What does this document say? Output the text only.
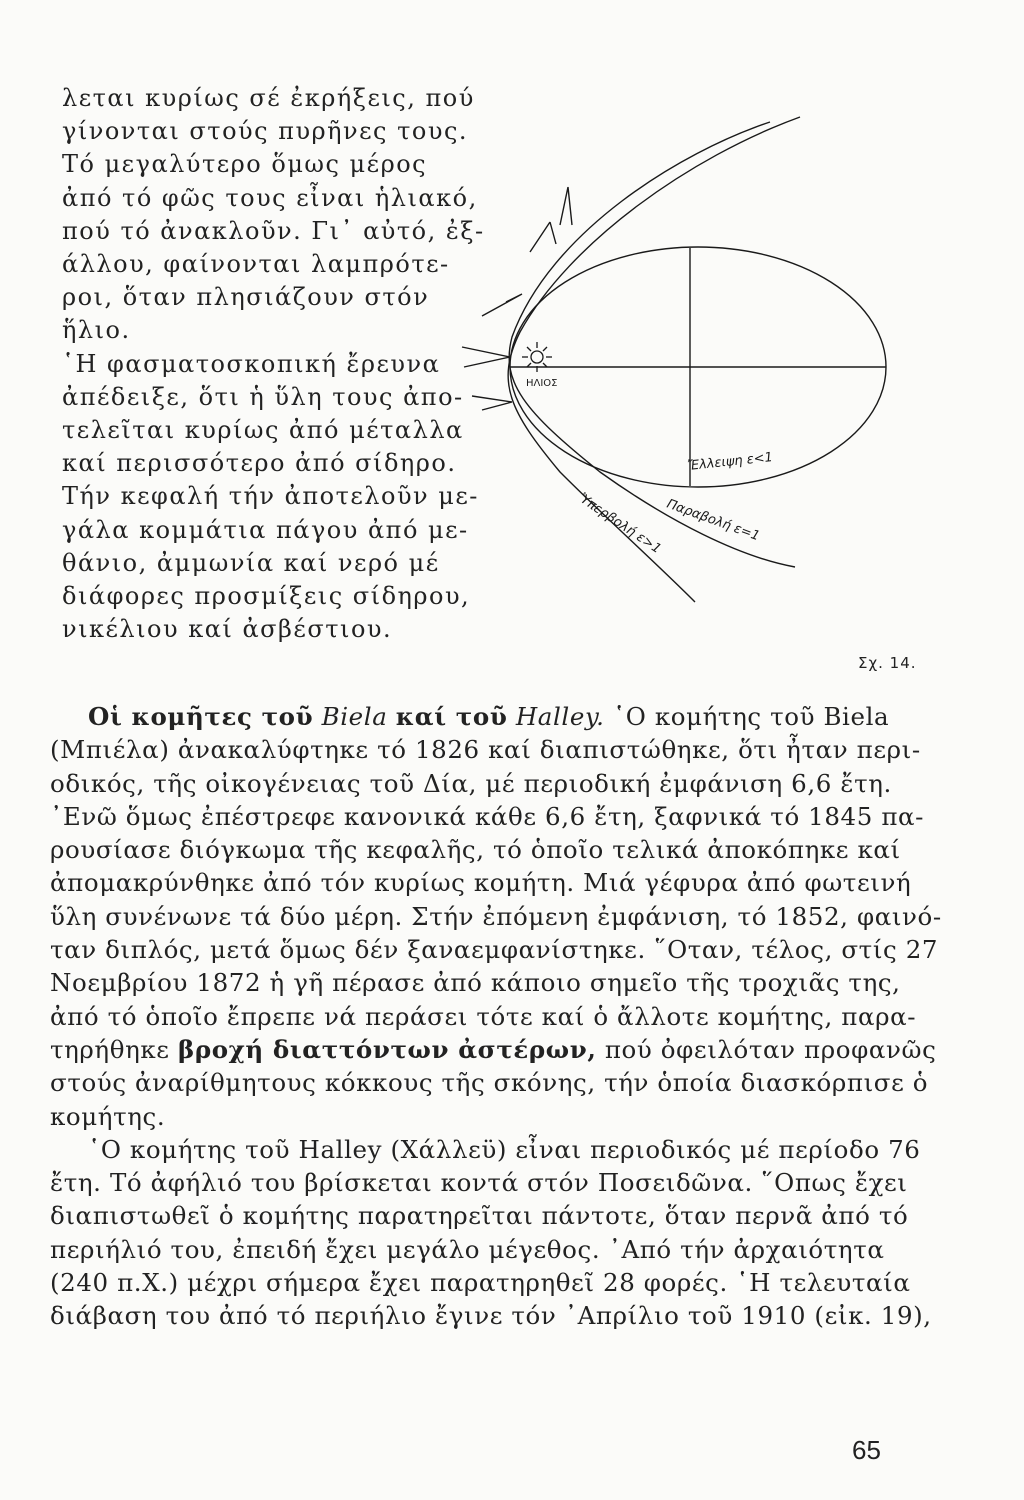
λεται κυρίως σέ ἐκρήξεις, πού
γίνονται στούς πυρῆνες τους.
Τό μεγαλύτερο ὅμως μέρος
ἀπό τό φῶς τους εἶναι ἡλιακό,
πού τό ἀνακλοῦν. Γι᾽ αὐτό, ἐξ-
άλλου, φαίνονται λαμπρότε-
ροι, ὅταν πλησιάζουν στόν
ἥλιο.
῾Η φασματοσκοπική ἔρευνα
ἀπέδειξε, ὅτι ἡ ὕλη τους ἀπο-
τελεῖται κυρίως ἀπό μέταλλα
καί περισσότερο ἀπό σίδηρο.
Τήν κεφαλή τήν ἀποτελοῦν με-
γάλα κομμάτια πάγου ἀπό με-
θάνιο, ἀμμωνία καί νερό μέ
διάφορες προσμίξεις σίδηρου,
νικέλιου καί ἀσβέστιου.
ΗΛΙΟΣ
Ἔλλειψη ε<1
Παραβολή ε=1
Ὑπερβολή ε>1
Σχ. 14.
Οἱ κομῆτες τοῦ Biela καί τοῦ Halley. ῾Ο κομήτης τοῦ Biela
(Μπιέλα) ἀνακαλύφτηκε τό 1826 καί διαπιστώθηκε, ὅτι ἦταν περι-
οδικός, τῆς οἰκογένειας τοῦ Δία, μέ περιοδική ἐμφάνιση 6,6 ἔτη.
᾽Ενῶ ὅμως ἐπέστρεφε κανονικά κάθε 6,6 ἔτη, ξαφνικά τό 1845 πα-
ρουσίασε διόγκωμα τῆς κεφαλῆς, τό ὁποῖο τελικά ἀποκόπηκε καί
ἀπομακρύνθηκε ἀπό τόν κυρίως κομήτη. Μιά γέφυρα ἀπό φωτεινή
ὕλη συνένωνε τά δύο μέρη. Στήν ἐπόμενη ἐμφάνιση, τό 1852, φαινό-
ταν διπλός, μετά ὅμως δέν ξαναεμφανίστηκε. ῞Οταν, τέλος, στίς 27
Νοεμβρίου 1872 ἡ γῆ πέρασε ἀπό κάποιο σημεῖο τῆς τροχιᾶς της,
ἀπό τό ὁποῖο ἔπρεπε νά περάσει τότε καί ὁ ἄλλοτε κομήτης, παρα-
τηρήθηκε βροχή διαττόντων ἀστέρων, πού ὀφειλόταν προφανῶς
στούς ἀναρίθμητους κόκκους τῆς σκόνης, τήν ὁποία διασκόρπισε ὁ
κομήτης.
῾Ο κομήτης τοῦ Halley (Χάλλεϋ) εἶναι περιοδικός μέ περίοδο 76
ἔτη. Τό ἀφήλιό του βρίσκεται κοντά στόν Ποσειδῶνα. ῞Οπως ἔχει
διαπιστωθεῖ ὁ κομήτης παρατηρεῖται πάντοτε, ὅταν περνᾶ ἀπό τό
περιήλιό του, ἐπειδή ἔχει μεγάλο μέγεθος. ᾽Από τήν ἀρχαιότητα
(240 π.Χ.) μέχρι σήμερα ἔχει παρατηρηθεῖ 28 φορές. ῾Η τελευταία
διάβαση του ἀπό τό περιήλιο ἔγινε τόν ᾽Απρίλιο τοῦ 1910 (εἰκ. 19),
65
